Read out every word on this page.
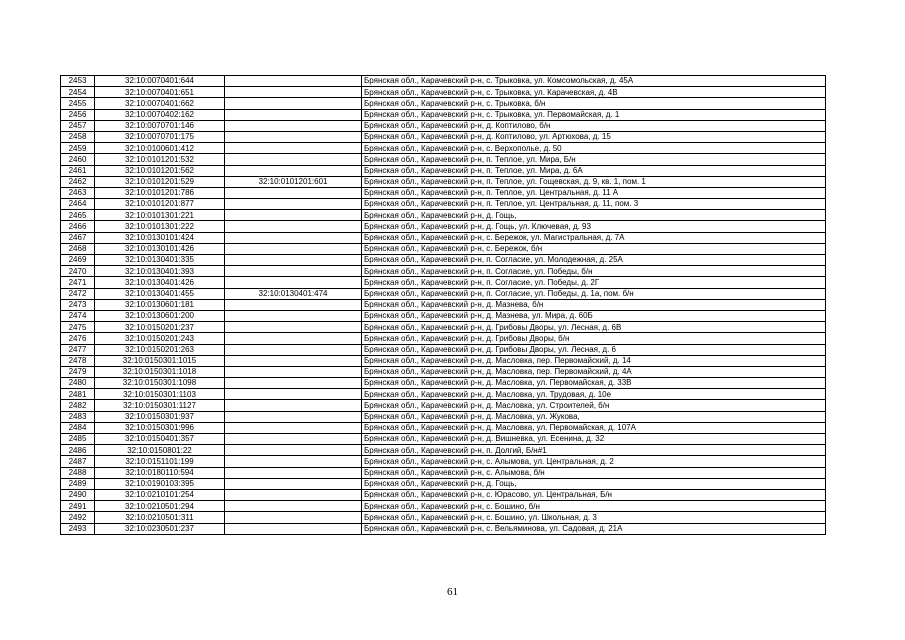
2453	32:10:0070401:644		Брянская обл., Карачевский р-н, с. Трыковка, ул. Комсомольская, д. 45А
2454	32:10:0070401:651		Брянская обл., Карачевский р-н, с. Трыковка, ул. Карачевская, д. 4В
2455	32:10:0070401:662		Брянская обл., Карачевский р-н, с. Трыковка, б/н
2456	32:10:0070402:162		Брянская обл., Карачевский р-н, с. Трыковка, ул. Первомайская, д. 1
2457	32:10:0070701:146		Брянская обл., Карачевский р-н, д. Коптилово, б/н
2458	32:10:0070701:175		Брянская обл., Карачевский р-н, д. Коптилово, ул. Артюхова, д. 15
2459	32:10:0100601:412		Брянская обл., Карачевский р-н, с. Верхополье, д. 50
2460	32:10:0101201:532		Брянская обл., Карачевский р-н, п. Теплое, ул. Мира, Б/н
2461	32:10:0101201:562		Брянская обл., Карачевский р-н, п. Теплое, ул. Мира, д. 6А
2462	32:10:0101201:529	32:10:0101201:601	Брянская обл., Карачевский р-н, п. Теплое, ул. Гощевская, д. 9, кв. 1, пом. 1
2463	32:10:0101201:786		Брянская обл., Карачевский р-н, п. Теплое, ул. Центральная, д. 11 А
2464	32:10:0101201:877		Брянская обл., Карачевский р-н, п. Теплое, ул. Центральная, д. 11, пом. 3
2465	32:10:0101301:221		Брянская обл., Карачевский р-н, д. Гощь,
2466	32:10:0101301:222		Брянская обл., Карачевский р-н, д. Гощь, ул. Ключевая, д. 93
2467	32:10:0130101:424		Брянская обл., Карачевский р-н, с. Бережок, ул. Магистральная, д. 7А
2468	32:10:0130101:426		Брянская обл., Карачевский р-н, с. Бережок, б/н
2469	32:10:0130401:335		Брянская обл., Карачевский р-н, п. Согласие, ул. Молодежная, д. 25А
2470	32:10:0130401:393		Брянская обл., Карачевский р-н, п. Согласие, ул. Победы, б/н
2471	32:10:0130401:426		Брянская обл., Карачевский р-н, п. Согласие, ул. Победы, д. 2Г
2472	32:10:0130401:455	32:10:0130401:474	Брянская обл., Карачевский р-н, п. Согласие, ул. Победы, д. 1а, пом. б/н
2473	32:10:0130601:181		Брянская обл., Карачевский р-н, д. Мазнева, б/н
2474	32:10:0130601:200		Брянская обл., Карачевский р-н, д. Мазнева, ул. Мира, д. 60Б
2475	32:10:0150201:237		Брянская обл., Карачевский р-н, д. Грибовы Дворы, ул. Лесная, д. 6В
2476	32:10:0150201:243		Брянская обл., Карачевский р-н, д. Грибовы Дворы, б/н
2477	32:10:0150201:263		Брянская обл., Карачевский р-н, д. Грибовы Дворы, ул. Лесная, д. 6
2478	32:10:0150301:1015		Брянская обл., Карачевский р-н, д. Масловка, пер. Первомайский, д. 14
2479	32:10:0150301:1018		Брянская обл., Карачевский р-н, д. Масловка, пер. Первомайский, д. 4А
2480	32:10:0150301:1098		Брянская обл., Карачевский р-н, д. Масловка, ул. Первомайская, д. 33В
2481	32:10:0150301:1103		Брянская обл., Карачевский р-н, д. Масловка, ул. Трудовая, д. 10е
2482	32:10:0150301:1127		Брянская обл., Карачевский р-н, д. Масловка, ул. Строителей, б/н
2483	32:10:0150301:937		Брянская обл., Карачевский р-н, д. Масловка, ул. Жукова,
2484	32:10:0150301:996		Брянская обл., Карачевский р-н, д. Масловка, ул. Первомайская, д. 107А
2485	32:10:0150401:357		Брянская обл., Карачевский р-н, д. Вишневка, ул. Есенина, д. 32
2486	32:10:0150801:22		Брянская обл., Карачевский р-н, п. Долгий, Б/н#1
2487	32:10:0151101:199		Брянская обл., Карачевский р-н, с. Алымова, ул. Центральная, д. 2
2488	32:10:0180110:594		Брянская обл., Карачевский р-н, с. Алымова, б/н
2489	32:10:0190103:395		Брянская обл., Карачевский р-н, д. Гощь,
2490	32:10:0210101:254		Брянская обл., Карачевский р-н, с. Юрасово, ул. Центральная, Б/н
2491	32:10:0210501:294		Брянская обл., Карачевский р-н, с. Бошино, б/н
2492	32:10:0210501:311		Брянская обл., Карачевский р-н, с. Бошино, ул. Школьная, д. 3
2493	32:10:0230501:237		Брянская обл., Карачевский р-н, с. Вельяминова, ул. Садовая, д. 21А
61
